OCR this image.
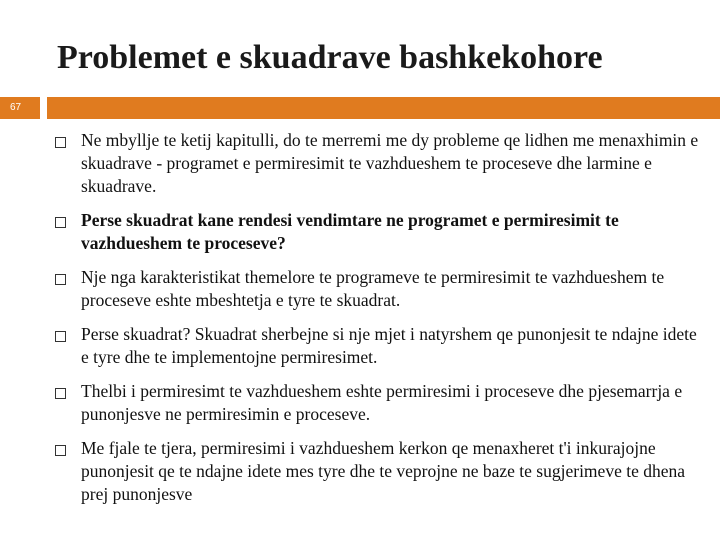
Problemet e skuadrave bashkekohore
67
Ne mbyllje te ketij kapitulli, do te merremi me dy probleme qe lidhen me menaxhimin e skuadrave - programet e permiresimit te vazhdueshem te proceseve dhe larmine e skuadrave.
Perse skuadrat kane rendesi vendimtare ne programet e permiresimit te vazhdueshem te proceseve?
Nje nga karakteristikat themelore te programeve te permiresimit te vazhdueshem te proceseve eshte mbeshtetja e tyre te skuadrat.
Perse skuadrat? Skuadrat sherbejne si nje mjet i natyrshem qe punonjesit te ndajne idete e tyre dhe te implementojne permiresimet.
Thelbi i permiresimt te vazhdueshem eshte permiresimi i proceseve dhe pjesemarrja e punonjesve ne permiresimin e proceseve.
Me fjale te tjera, permiresimi i vazhdueshem kerkon qe menaxheret t'i inkurajojne punonjesit qe te ndajne idete mes tyre dhe te veprojne ne baze te sugjerimeve te dhena prej punonjesve
